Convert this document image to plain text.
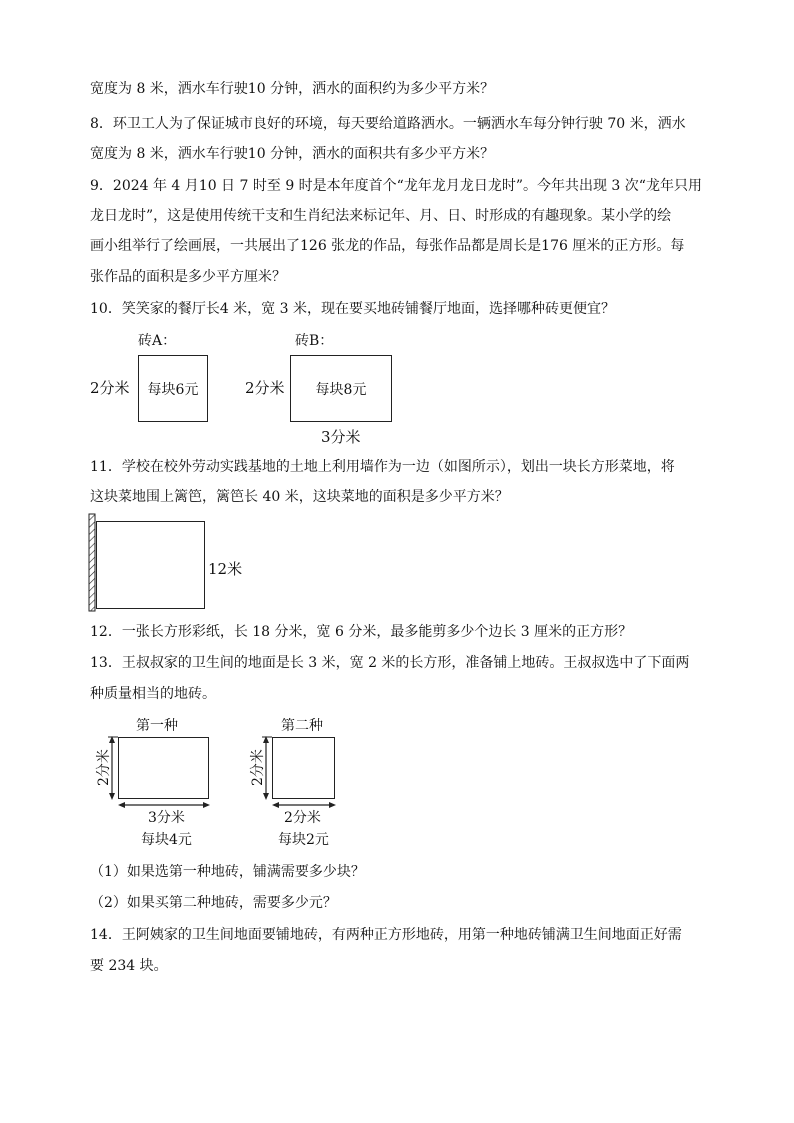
宽度为 8 米，洒水车行驶10 分钟，洒水的面积约为多少平方米？
8．环卫工人为了保证城市良好的环境，每天要给道路洒水。一辆洒水车每分钟行驶 70 米，洒水
宽度为 8 米，洒水车行驶10 分钟，洒水的面积共有多少平方米？
9．2024 年 4 月10 日 7 时至 9 时是本年度首个“龙年龙月龙日龙时”。今年共出现 3 次“龙年只用
龙日龙时”，这是使用传统干支和生肖纪法来标记年、月、日、时形成的有趣现象。某小学的绘
画小组举行了绘画展，一共展出了126 张龙的作品，每张作品都是周长是176 厘米的正方形。每
张作品的面积是多少平方厘米？
10．笑笑家的餐厅长4 米，宽 3 米，现在要买地砖铺餐厅地面，选择哪种砖更便宜？
砖A：
2分米 每块6元
砖B：
2分米 每块8元
3分米
11．学校在校外劳动实践基地的土地上利用墙作为一边（如图所示），划出一块长方形菜地，将
这块菜地围上篱笆，篱笆长 40 米，这块菜地的面积是多少平方米？
12米
12．一张长方形彩纸，长 18 分米，宽 6 分米，最多能剪多少个边长 3 厘米的正方形？
13．王叔叔家的卫生间的地面是长 3 米，宽 2 米的长方形，准备铺上地砖。王叔叔选中了下面两
种质量相当的地砖。
第一种
2分米
3分米
每块4元
第二种
2分米
2分米
每块2元
（1）如果选第一种地砖，铺满需要多少块？
（2）如果买第二种地砖，需要多少元？
14．王阿姨家的卫生间地面要铺地砖，有两种正方形地砖，用第一种地砖铺满卫生间地面正好需
要 234 块。
